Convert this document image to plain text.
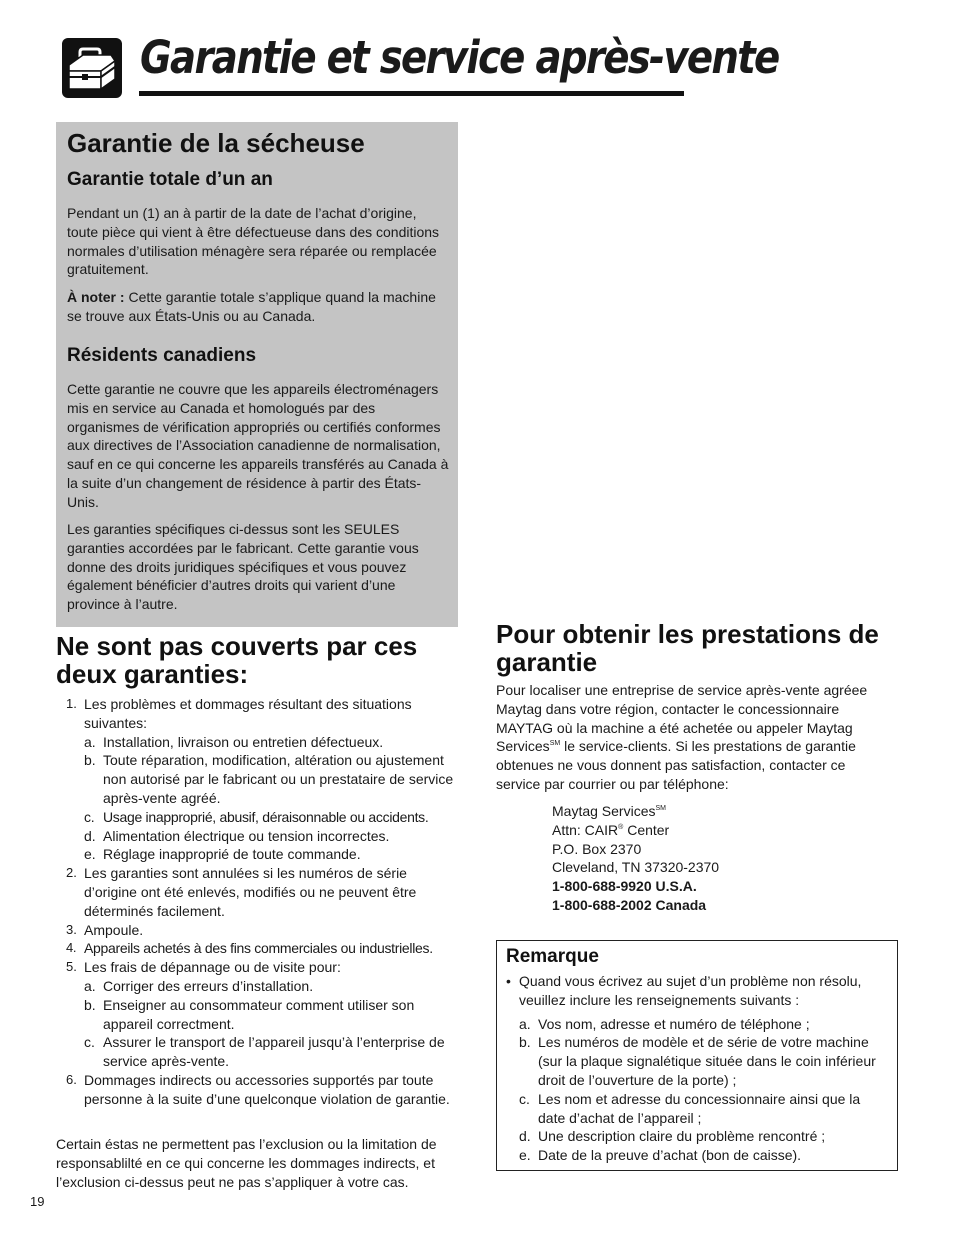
Garantie et service après-vente
Garantie de la sécheuse
Garantie totale d’un an

Pendant un (1) an à partir de la date de l’achat d’origine, toute pièce qui vient à être défectueuse dans des conditions normales d’utilisation ménagère sera réparée ou remplacée gratuitement.

À noter : Cette garantie totale s’applique quand la machine se trouve aux États-Unis ou au Canada.

Résidents canadiens

Cette garantie ne couvre que les appareils électroménagers mis en service au Canada et homologués par des organismes de vérification appropriés ou certifiés conformes aux directives de l’Association canadienne de normalisation, sauf en ce qui concerne les appareils transférés au Canada à la suite d’un changement de résidence à partir des États-Unis.

Les garanties spécifiques ci-dessus sont les SEULES garanties accordées par le fabricant. Cette garantie vous donne des droits juridiques spécifiques et vous pouvez également bénéficier d’autres droits qui varient d’une province à l’autre.

Ne sont pas couverts par ces deux garanties:
1. Les problèmes et dommages résultant des situations suivantes:
a. Installation, livraison ou entretien défectueux.
b. Toute réparation, modification, altération ou ajustement non autorisé par le fabricant ou un prestataire de service après-vente agréé.
c. Usage inapproprié, abusif, déraisonnable ou accidents.
d. Alimentation électrique ou tension incorrectes.
e. Réglage inapproprié de toute commande.
2. Les garanties sont annulées si les numéros de série d’origine ont été enlevés, modifiés ou ne peuvent être déterminés facilement.
3. Ampoule.
4. Appareils achetés à des fins commerciales ou industrielles.
5. Les frais de dépannage ou de visite pour:
a. Corriger des erreurs d’installation.
b. Enseigner au consommateur comment utiliser son appareil correctment.
c. Assurer le transport de l’appareil jusqu’à l’enterprise de service après-vente.
6. Dommages indirects ou accessories supportés par toute personne à la suite d’une quelconque violation de garantie.

Certain éstas ne permettent pas l’exclusion ou la limitation de responsablilté en ce qui concerne les dommages indirects, et l’exclusion ci-dessus peut ne pas s’appliquer à votre cas.

Pour obtenir les prestations de garantie

Pour localiser une entreprise de service après-vente agréee Maytag dans votre région, contacter le concessionnaire MAYTAG où la machine a été achetée ou appeler Maytag Services℠ le service-clients. Si les prestations de garantie obtenues ne vous donnent pas satisfaction, contacter ce service par courrier ou par téléphone:

Maytag Services℠
Attn: CAIR® Center
P.O. Box 2370
Cleveland, TN 37320-2370
1-800-688-9920 U.S.A.
1-800-688-2002 Canada
Remarque
• Quand vous écrivez au sujet d’un problème non résolu, veuillez inclure les renseignements suivants :
a. Vos nom, adresse et numéro de téléphone ;
b. Les numéros de modèle et de série de votre machine (sur la plaque signalétique située dans le coin inférieur droit de l’ouverture de la porte) ;
c. Les nom et adresse du concessionnaire ainsi que la date d’achat de l’appareil ;
d. Une description claire du problème rencontré ;
e. Date de la preuve d’achat (bon de caisse).
19
